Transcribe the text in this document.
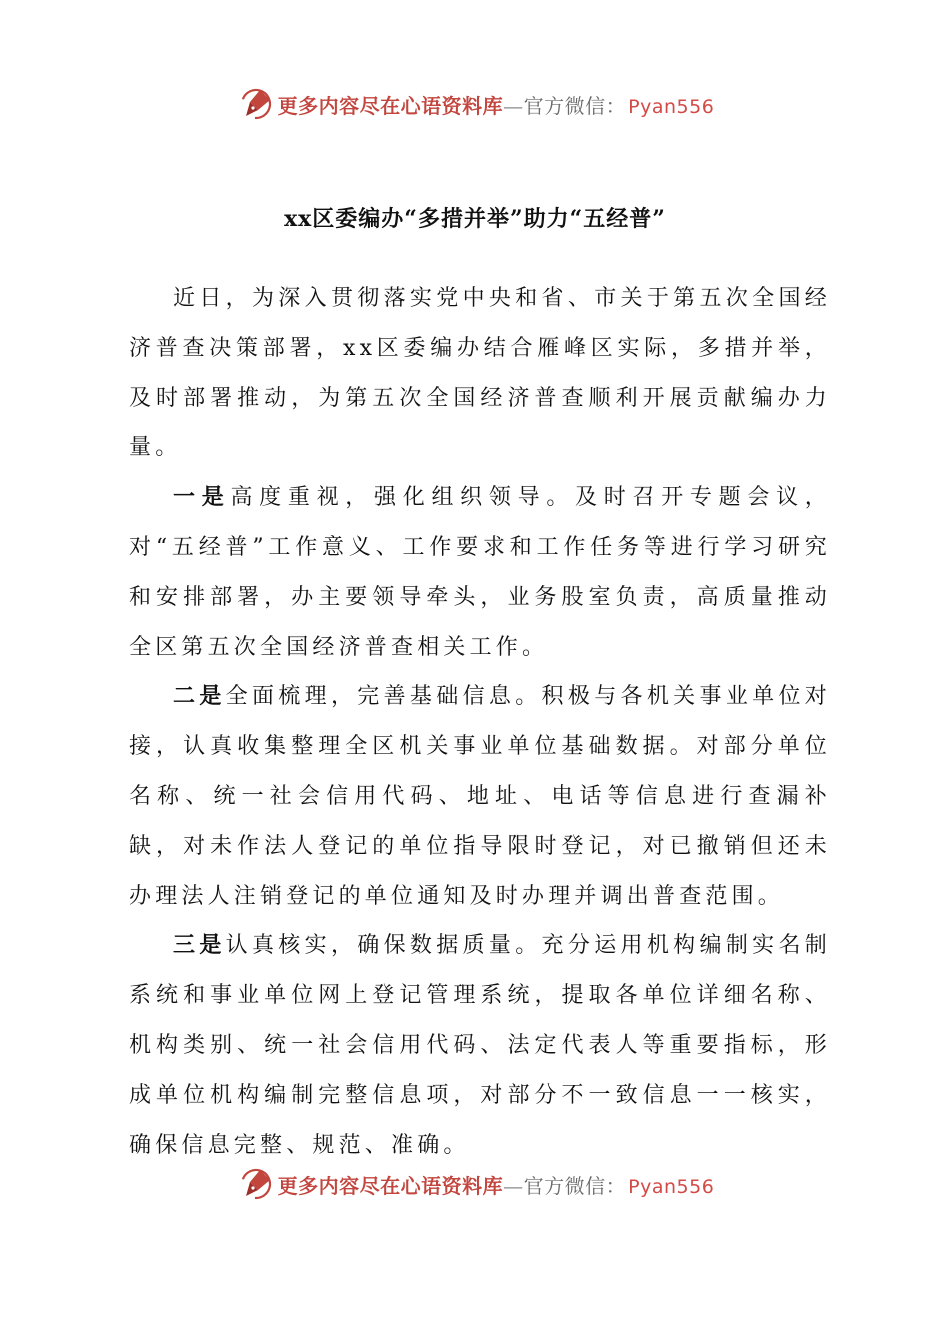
更多内容尽在心语资料库—官方微信： Pyan556
xx区委编办“多措并举”助力“五经普”

近日，为深入贯彻落实党中央和省、市关于第五次全国经济普查决策部署，xx区委编办结合雁峰区实际，多措并举，及时部署推动，为第五次全国经济普查顺利开展贡献编办力量。

一是高度重视，强化组织领导。及时召开专题会议，对“五经普”工作意义、工作要求和工作任务等进行学习研究和安排部署，办主要领导牵头，业务股室负责，高质量推动全区第五次全国经济普查相关工作。

二是全面梳理，完善基础信息。积极与各机关事业单位对接，认真收集整理全区机关事业单位基础数据。对部分单位名称、统一社会信用代码、地址、电话等信息进行查漏补缺，对未作法人登记的单位指导限时登记，对已撤销但还未办理法人注销登记的单位通知及时办理并调出普查范围。

三是认真核实，确保数据质量。充分运用机构编制实名制系统和事业单位网上登记管理系统，提取各单位详细名称、机构类别、统一社会信用代码、法定代表人等重要指标，形成单位机构编制完整信息项，对部分不一致信息一一核实，确保信息完整、规范、准确。

更多内容尽在心语资料库—官方微信： Pyan556
